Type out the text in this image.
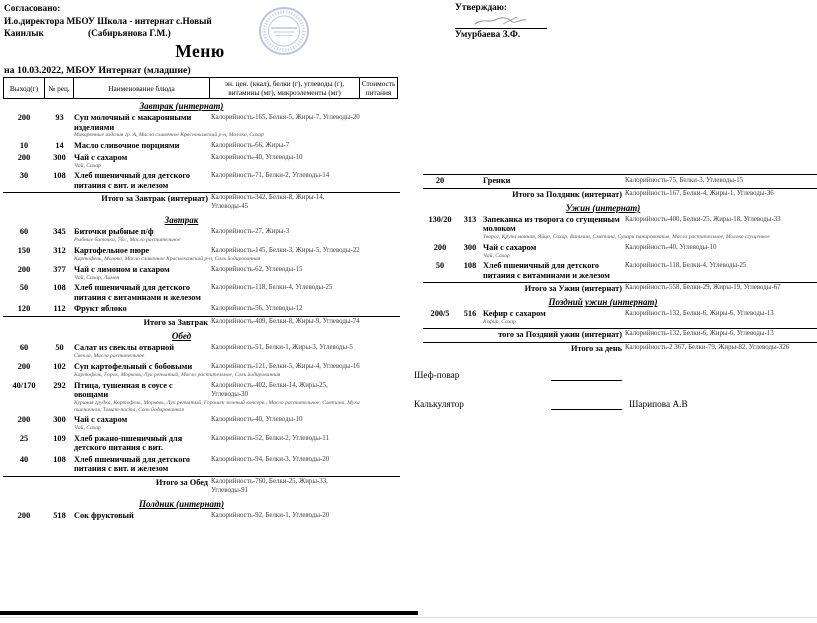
Согласовано:
И.о.директора МБОУ Школа - интернат с.Новый
Каинлык	(Сабирьянова Г.М.)
Утверждаю:
Умурбаева З.Ф.
Меню
на 10.03.2022, МБОУ Интернат (младшие)
Выход(г)	№ рец.	Наименование блюда
эн. цен. (ккал), белки (г), углеводы (г), витамины (мг), микроэлементы (мг)
Стоимость питания
Завтрак (интернат)
200	93	Суп молочный с макаронными изделиями
Калорийность-165, Белки-5, Жиры-7, Углеводы-20
Макаронные изделия гр. А, Масло сливочное Краснокамский р-н, Молоко, Сахар
10	14	Масло сливочное порциями	Калорийность-66, Жиры-7
200	300 Чай с сахаром	Калорийность-40, Углеводы-10
Чай, Сахар
30	108 Хлеб пшеничный для детского питания с вит. и железом
Калорийность-71, Белки-2, Углеводы-14
Итого за Завтрак (интернат) Калорийность-342, Белки-8, Жиры-14, Углеводы-45
Завтрак
60	345 Биточки рыбные п/ф	Калорийность-27, Жиры-3
Рыбные биточки, 76г., Масло растительное
150	312 Картофельное пюре	Калорийность-145, Белки-3, Жиры-5, Углеводы-22
Картофель, Молоко, Масло сливочное Краснокамский р-н, Соль йодированная
200	377 Чай с лимоном и сахаром	Калорийность-62, Углеводы-15
Чай, Сахар, Лимон
50	108 Хлеб пшеничный для детского питания с витаминами и железом
Калорийность-118, Белки-4, Углеводы-25
120	112	Фрукт яблоко	Калорийность-56, Углеводы-12
Итого за Завтрак Калорийность-409, Белки-8, Жиры-9, Углеводы-74
Обед
60	50	Салат из свеклы отварной	Калорийность-51, Белки-1, Жиры-3, Углеводы-5
Свекла, Масло растительное
200	102 Суп картофельный с бобовыми	Калорийность-121, Белки-5, Жиры-4, Углеводы-16
Картофель, Горох, Морковь, Лук репчатый, Масло растительное, Соль йодированная
40/170	292 Птица, тушенная в соусе с овощами
Калорийность-402, Белки-14, Жиры-25, Углеводы-30
Куриная грудка, Картофель, Морковь, Лук репчатый, Горошек зеленый консерв., Масло растительное, Сметана, Мука пшеничная, Томат-паста, Соль йодированная
200	300 Чай с сахаром	Калорийность-40, Углеводы-10
Чай, Сахар
25	109 Хлеб ржано-пшеничный для детского питания с вит.
Калорийность-52, Белки-2, Углеводы-11
40	108 Хлеб пшеничный для детского питания с вит. и железом
Калорийность-94, Белки-3, Углеводы-20
Итого за Обед Калорийность-760, Белки-25, Жиры-33, Углеводы-91
Полдник (интернат)
200	518 Сок фруктовый	Калорийность-92, Белки-1, Углеводы-20
20	Гренки	Калорийность-75, Белки-3, Углеводы-15
Итого за Полдник (интернат) Калорийность-167, Белки-4, Жиры-1, Углеводы-36
Ужин (интернат)
130/20	313 Запеканка из творога со сгущенным молоком
Калорийность-400, Белки-25, Жиры-18, Углеводы-33
Творог, Крупа манная, Яйцо, Сахар, Ванилин, Сметана, Сухари панировочные, Масло растительное, Молоко сгущенное
200	300 Чай с сахаром	Калорийность-40, Углеводы-10
Чай, Сахар
50	108 Хлеб пшеничный для детского питания с витаминами и железом
Калорийность-118, Белки-4, Углеводы-25
Итого за Ужин (интернат) Калорийность-558, Белки-29, Жиры-19, Углеводы-67
Поздний ужин (интернат)
200/5	516 Кефир с сахаром	Калорийность-132, Белки-6, Жиры-6, Углеводы-13
Кефир, Сахар
того за Поздний ужин (интернат) Калорийность-132, Белки-6, Жиры-6, Углеводы-13
Итого за день Калорийность-2 367, Белки-79, Жиры-82, Углеводы-326
Шеф-повар
Калькулятор	Шарипова А.В
